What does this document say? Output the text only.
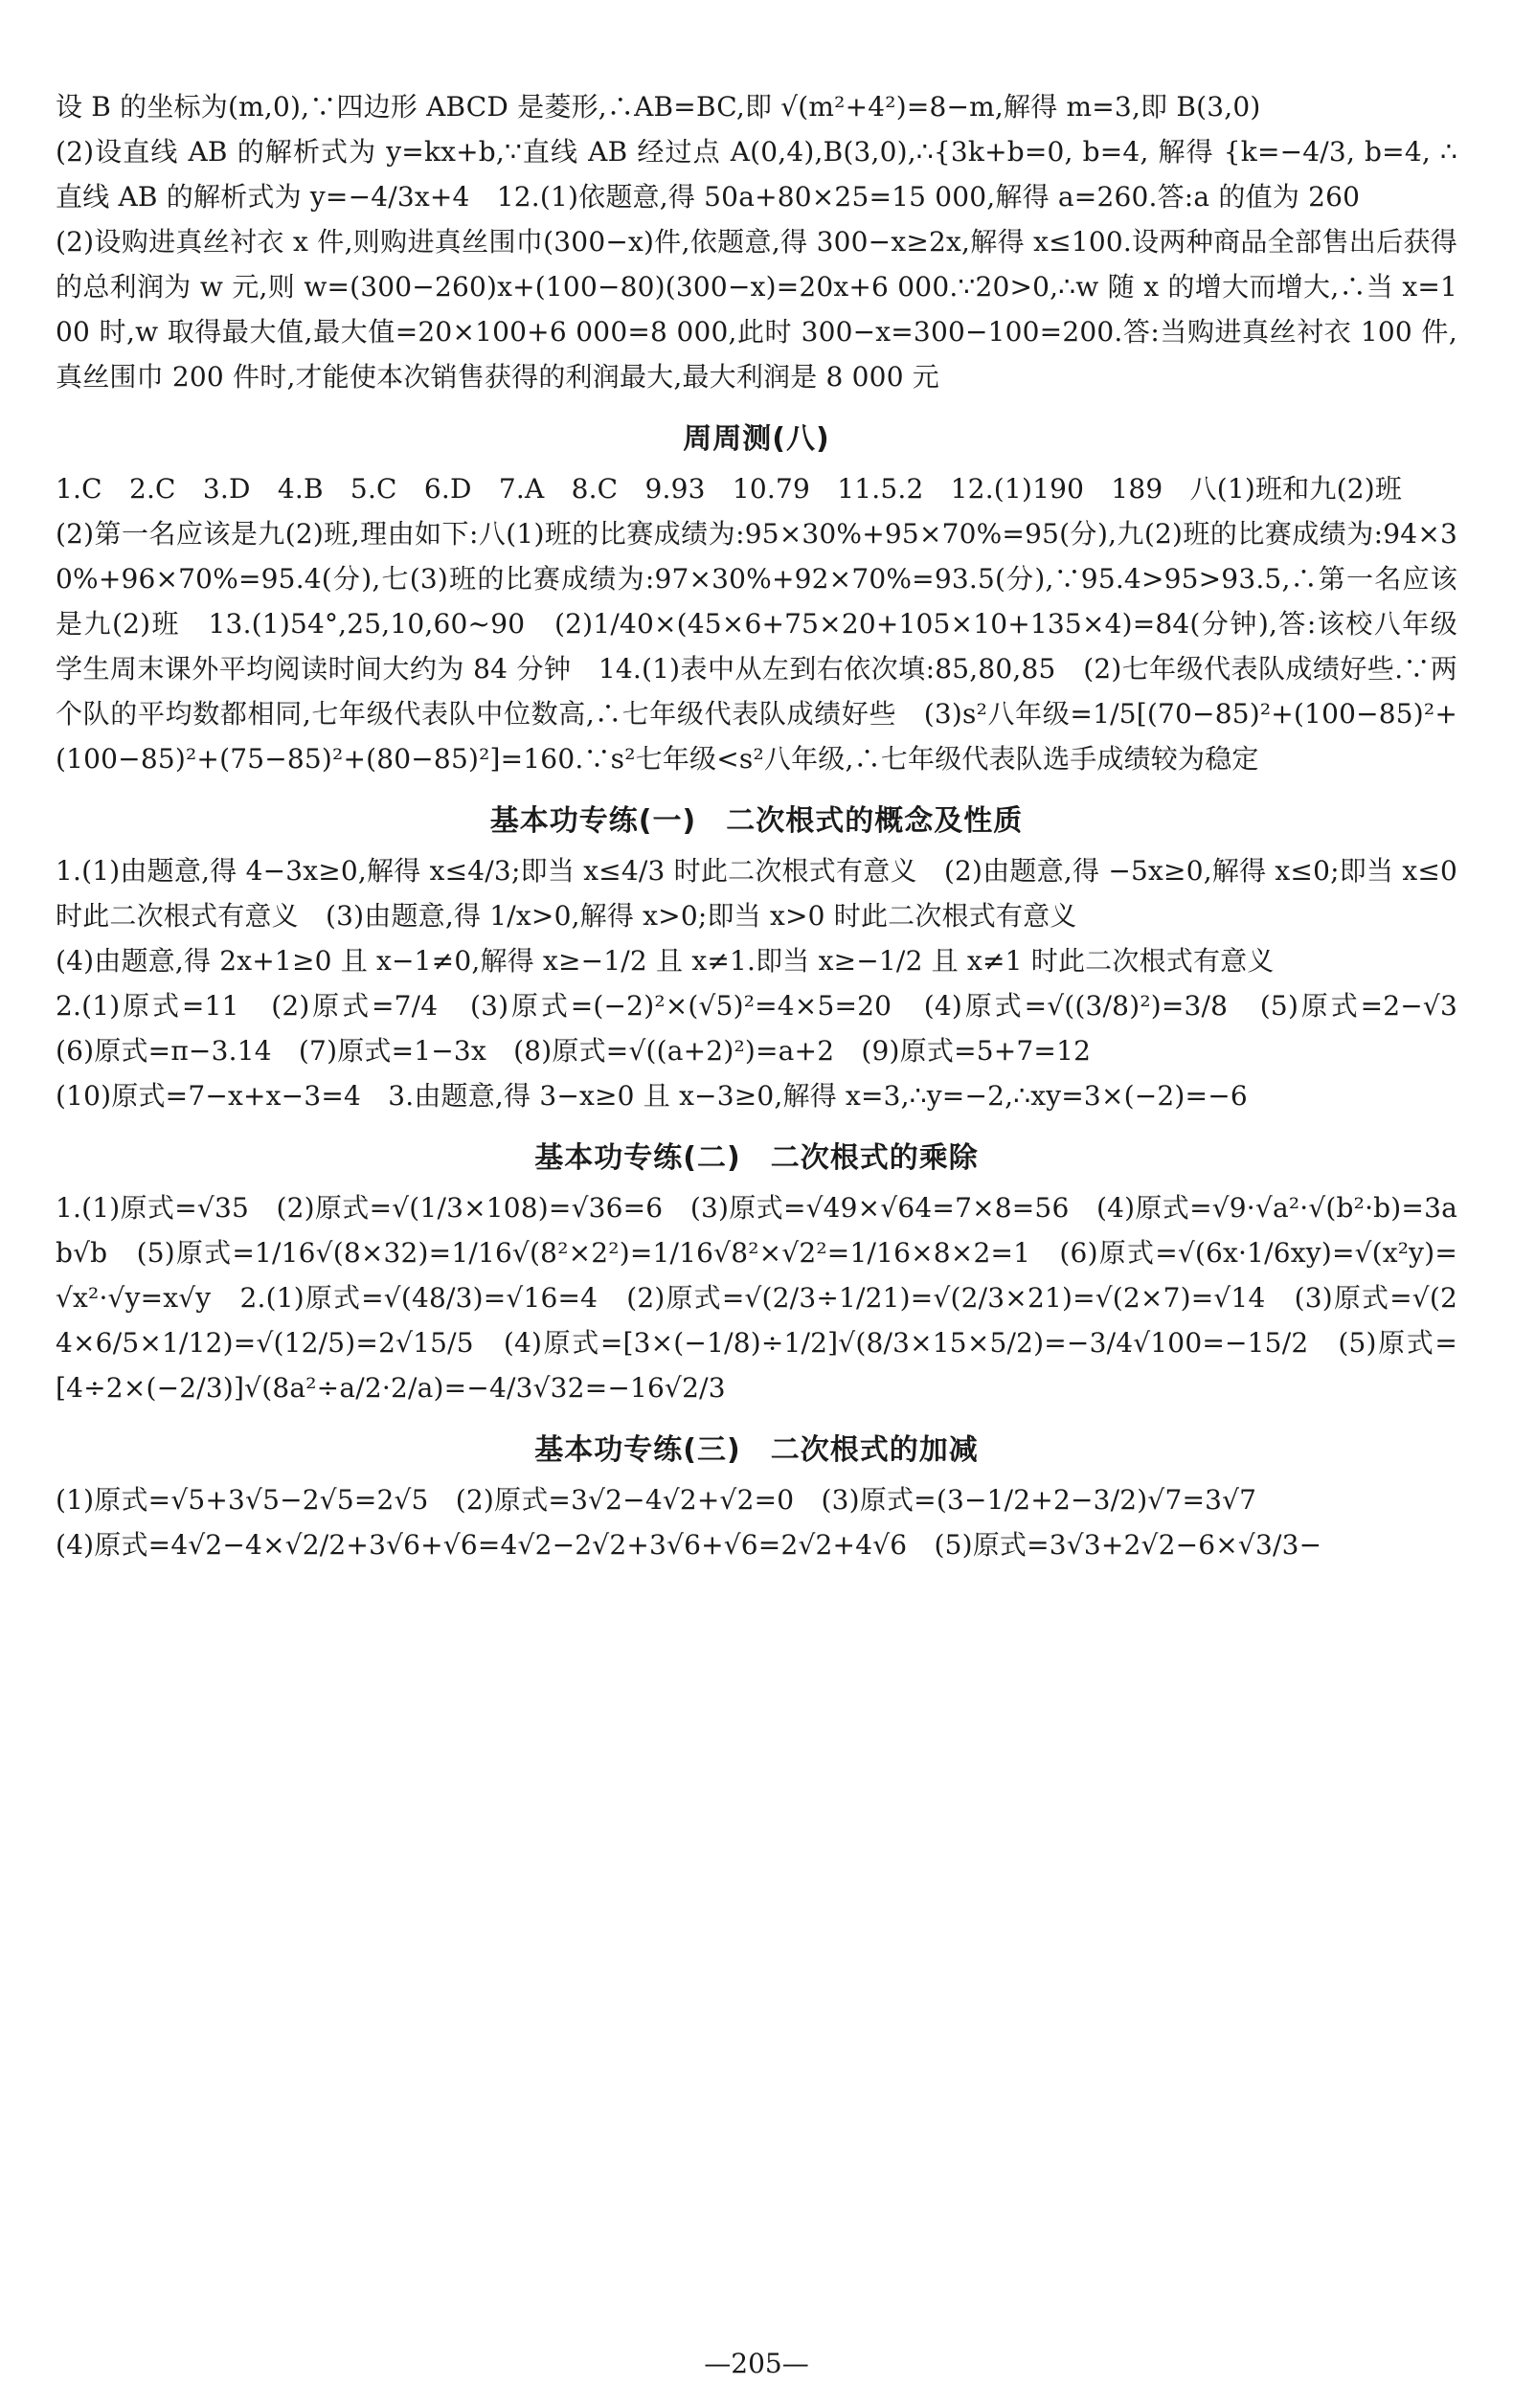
设 B 的坐标为(m,0),∵四边形 ABCD 是菱形,∴AB=BC,即 √(m²+4²)=8−m,解得 m=3,即 B(3,0)

(2)设直线 AB 的解析式为 y=kx+b,∵直线 AB 经过点 A(0,4),B(3,0),∴{3k+b=0, b=4, 解得 {k=−4/3, b=4, ∴直线 AB 的解析式为 y=−4/3x+4　12.(1)依题意,得 50a+80×25=15 000,解得 a=260.答:a 的值为 260

(2)设购进真丝衬衣 x 件,则购进真丝围巾(300−x)件,依题意,得 300−x≥2x,解得 x≤100.设两种商品全部售出后获得的总利润为 w 元,则 w=(300−260)x+(100−80)(300−x)=20x+6 000.∵20>0,∴w 随 x 的增大而增大,∴当 x=100 时,w 取得最大值,最大值=20×100+6 000=8 000,此时 300−x=300−100=200.答:当购进真丝衬衣 100 件,真丝围巾 200 件时,才能使本次销售获得的利润最大,最大利润是 8 000 元

周周测(八)

1.C　2.C　3.D　4.B　5.C　6.D　7.A　8.C　9.93　10.79　11.5.2　12.(1)190　189　八(1)班和九(2)班

(2)第一名应该是九(2)班,理由如下:八(1)班的比赛成绩为:95×30%+95×70%=95(分),九(2)班的比赛成绩为:94×30%+96×70%=95.4(分),七(3)班的比赛成绩为:97×30%+92×70%=93.5(分),∵95.4>95>93.5,∴第一名应该是九(2)班　13.(1)54°,25,10,60~90　(2)1/40×(45×6+75×20+105×10+135×4)=84(分钟),答:该校八年级学生周末课外平均阅读时间大约为 84 分钟　14.(1)表中从左到右依次填:85,80,85　(2)七年级代表队成绩好些.∵两个队的平均数都相同,七年级代表队中位数高,∴七年级代表队成绩好些　(3)s²八年级=1/5[(70−85)²+(100−85)²+(100−85)²+(75−85)²+(80−85)²]=160.∵s²七年级<s²八年级,∴七年级代表队选手成绩较为稳定

基本功专练(一)　二次根式的概念及性质

1.(1)由题意,得 4−3x≥0,解得 x≤4/3;即当 x≤4/3 时此二次根式有意义　(2)由题意,得 −5x≥0,解得 x≤0;即当 x≤0 时此二次根式有意义　(3)由题意,得 1/x>0,解得 x>0;即当 x>0 时此二次根式有意义

(4)由题意,得 2x+1≥0 且 x−1≠0,解得 x≥−1/2 且 x≠1.即当 x≥−1/2 且 x≠1 时此二次根式有意义

2.(1)原式=11　(2)原式=7/4　(3)原式=(−2)²×(√5)²=4×5=20　(4)原式=√((3/8)²)=3/8　(5)原式=2−√3　(6)原式=π−3.14　(7)原式=1−3x　(8)原式=√((a+2)²)=a+2　(9)原式=5+7=12

(10)原式=7−x+x−3=4　3.由题意,得 3−x≥0 且 x−3≥0,解得 x=3,∴y=−2,∴xy=3×(−2)=−6

基本功专练(二)　二次根式的乘除

1.(1)原式=√35　(2)原式=√(1/3×108)=√36=6　(3)原式=√49×√64=7×8=56　(4)原式=√9·√a²·√(b²·b)=3ab√b　(5)原式=1/16√(8×32)=1/16√(8²×2²)=1/16√8²×√2²=1/16×8×2=1　(6)原式=√(6x·1/6xy)=√(x²y)=√x²·√y=x√y　2.(1)原式=√(48/3)=√16=4　(2)原式=√(2/3÷1/21)=√(2/3×21)=√(2×7)=√14　(3)原式=√(24×6/5×1/12)=√(12/5)=2√15/5　(4)原式=[3×(−1/8)÷1/2]√(8/3×15×5/2)=−3/4√100=−15/2　(5)原式=[4÷2×(−2/3)]√(8a²÷a/2·2/a)=−4/3√32=−16√2/3

基本功专练(三)　二次根式的加减

(1)原式=√5+3√5−2√5=2√5　(2)原式=3√2−4√2+√2=0　(3)原式=(3−1/2+2−3/2)√7=3√7

(4)原式=4√2−4×√2/2+3√6+√6=4√2−2√2+3√6+√6=2√2+4√6　(5)原式=3√3+2√2−6×√3/3−

—205—
